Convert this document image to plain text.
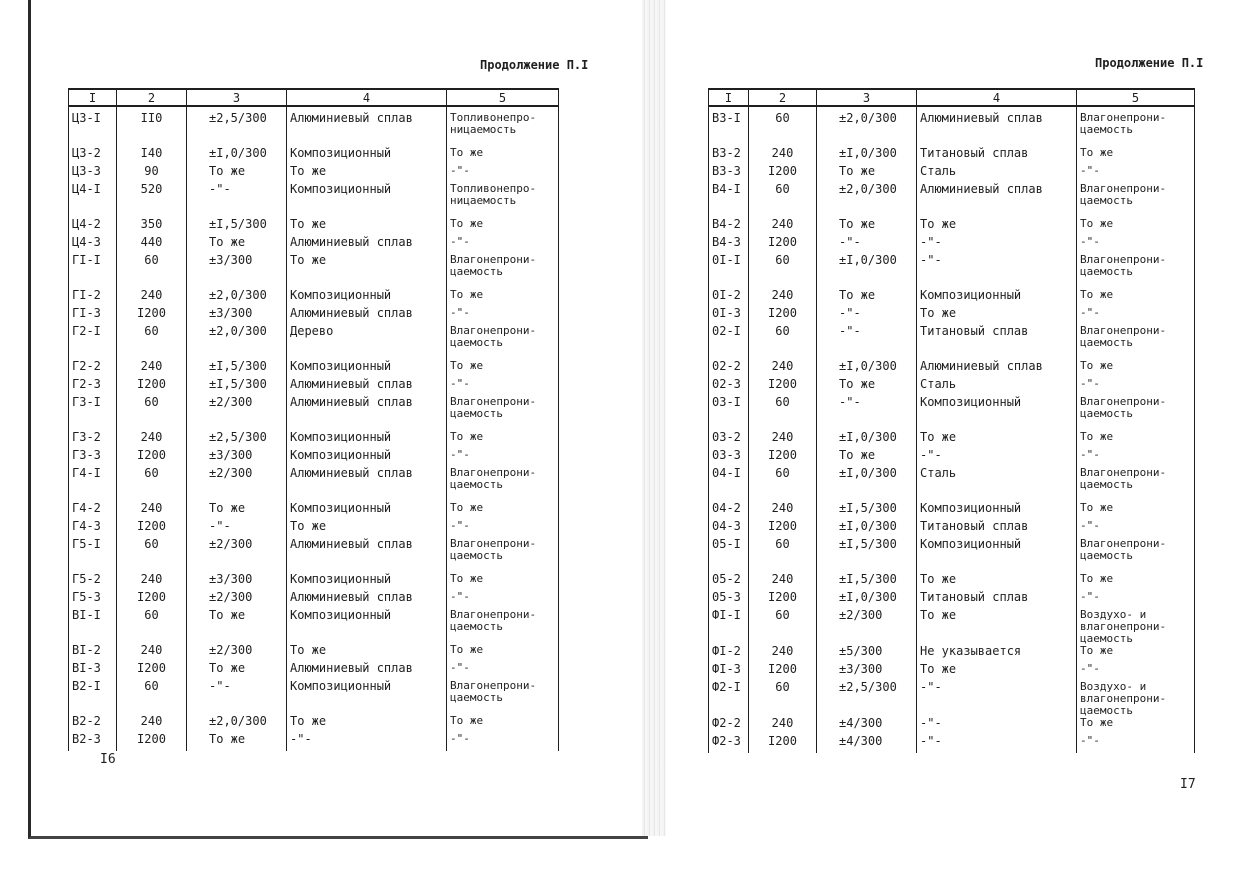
Продолжение П.I	Продолжение П.I
I	2	3	4	5
Ц3-I	II0	±2,5/300	Алюминиевый сплав	Топливонепро-
ницаемость
Ц3-2	I40	±I,0/300	Композиционный	То же
Ц3-3	90	То же	То же	-"-
Ц4-I	520	-"-	Композиционный	Топливонепро-
ницаемость
Ц4-2	350	±I,5/300	То же	То же
Ц4-3	440	То же	Алюминиевый сплав	-"-
ГI-I	60	±3/300	То же	Влагонепрони-
цаемость
ГI-2	240	±2,0/300	Композиционный	То же
ГI-3	I200	±3/300	Алюминиевый сплав	-"-
Г2-I	60	±2,0/300	Дерево	Влагонепрони-
цаемость
Г2-2	240	±I,5/300	Композиционный	То же
Г2-3	I200	±I,5/300	Алюминиевый сплав	-"-
Г3-I	60	±2/300	Алюминиевый сплав	Влагонепрони-
цаемость
Г3-2	240	±2,5/300	Композиционный	То же
Г3-3	I200	±3/300	Композиционный	-"-
Г4-I	60	±2/300	Алюминиевый сплав	Влагонепрони-
цаемость
Г4-2	240	То же	Композиционный	То же
Г4-3	I200	-"-	То же	-"-
Г5-I	60	±2/300	Алюминиевый сплав	Влагонепрони-
цаемость
Г5-2	240	±3/300	Композиционный	То же
Г5-3	I200	±2/300	Алюминиевый сплав	-"-
ВI-I	60	То же	Композиционный	Влагонепрони-
цаемость
ВI-2	240	±2/300	То же	То же
ВI-3	I200	То же	Алюминиевый сплав	-"-
В2-I	60	-"-	Композиционный	Влагонепрони-
цаемость
В2-2	240	±2,0/300	То же	То же
В2-3	I200	То же	-"-	-"-
I	2	3	4	5
В3-I	60	±2,0/300	Алюминиевый сплав	Влагонепрони-
цаемость
В3-2	240	±I,0/300	Титановый сплав	То же
В3-3	I200	То же	Сталь	-"-
В4-I	60	±2,0/300	Алюминиевый сплав	Влагонепрони-
цаемость
В4-2	240	То же	То же	То же
В4-3	I200	-"-	-"-	-"-
0I-I	60	±I,0/300	-"-	Влагонепрони-
цаемость
0I-2	240	То же	Композиционный	То же
0I-3	I200	-"-	То же	-"-
02-I	60	-"-	Титановый сплав	Влагонепрони-
цаемость
02-2	240	±I,0/300	Алюминиевый сплав	То же
02-3	I200	То же	Сталь	-"-
03-I	60	-"-	Композиционный	Влагонепрони-
цаемость
03-2	240	±I,0/300	То же	То же
03-3	I200	То же	-"-	-"-
04-I	60	±I,0/300	Сталь	Влагонепрони-
цаемость
04-2	240	±I,5/300	Композиционный	То же
04-3	I200	±I,0/300	Титановый сплав	-"-
05-I	60	±I,5/300	Композиционный	Влагонепрони-
цаемость
05-2	240	±I,5/300	То же	То же
05-3	I200	±I,0/300	Титановый сплав	-"-
ФI-I	60	±2/300	То же	Воздухо- и
влагонепрони-
цаемость
ФI-2	240	±5/300	Не указывается	То же
ФI-3	I200	±3/300	То же	-"-
Ф2-I	60	±2,5/300	-"-	Воздухо- и
влагонепрони-
цаемость
Ф2-2	240	±4/300	-"-	То же
Ф2-3	I200	±4/300	-"-	-"-
I6
I7
